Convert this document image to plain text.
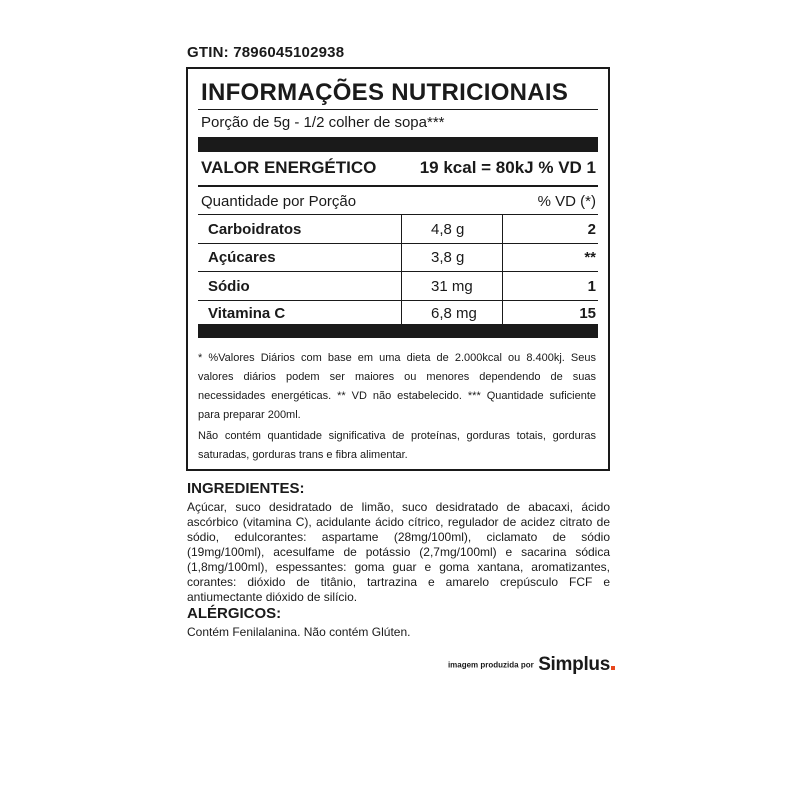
GTIN: 7896045102938
INFORMAÇÕES NUTRICIONAIS
Porção de 5g - 1/2 colher de sopa***
VALOR ENERGÉTICO	19 kcal = 80kJ % VD 1
Quantidade por Porção	% VD (*)
Carboidratos	4,8 g	2
Açúcares	3,8 g	**
Sódio	31 mg	1
Vitamina C	6,8 mg	15

* %Valores Diários com base em uma dieta de 2.000kcal ou 8.400kj. Seus valores diários podem ser maiores ou menores dependendo de suas necessidades energéticas. ** VD não estabelecido. *** Quantidade suficiente para preparar 200ml.

Não contém quantidade significativa de proteínas, gorduras totais, gorduras saturadas, gorduras trans e fibra alimentar.

INGREDIENTES:
Açúcar, suco desidratado de limão, suco desidratado de abacaxi, ácido ascórbico (vitamina C), acidulante ácido cítrico, regulador de acidez citrato de sódio, edulcorantes: aspartame (28mg/100ml), ciclamato de sódio (19mg/100ml), acesulfame de potássio (2,7mg/100ml) e sacarina sódica (1,8mg/100ml), espessantes: goma guar e goma xantana, aromatizantes, corantes: dióxido de titânio, tartrazina e amarelo crepúsculo FCF e antiumectante dióxido de silício.
ALÉRGICOS:
Contém Fenilalanina. Não contém Glúten.
imagem produzida por Simplus
